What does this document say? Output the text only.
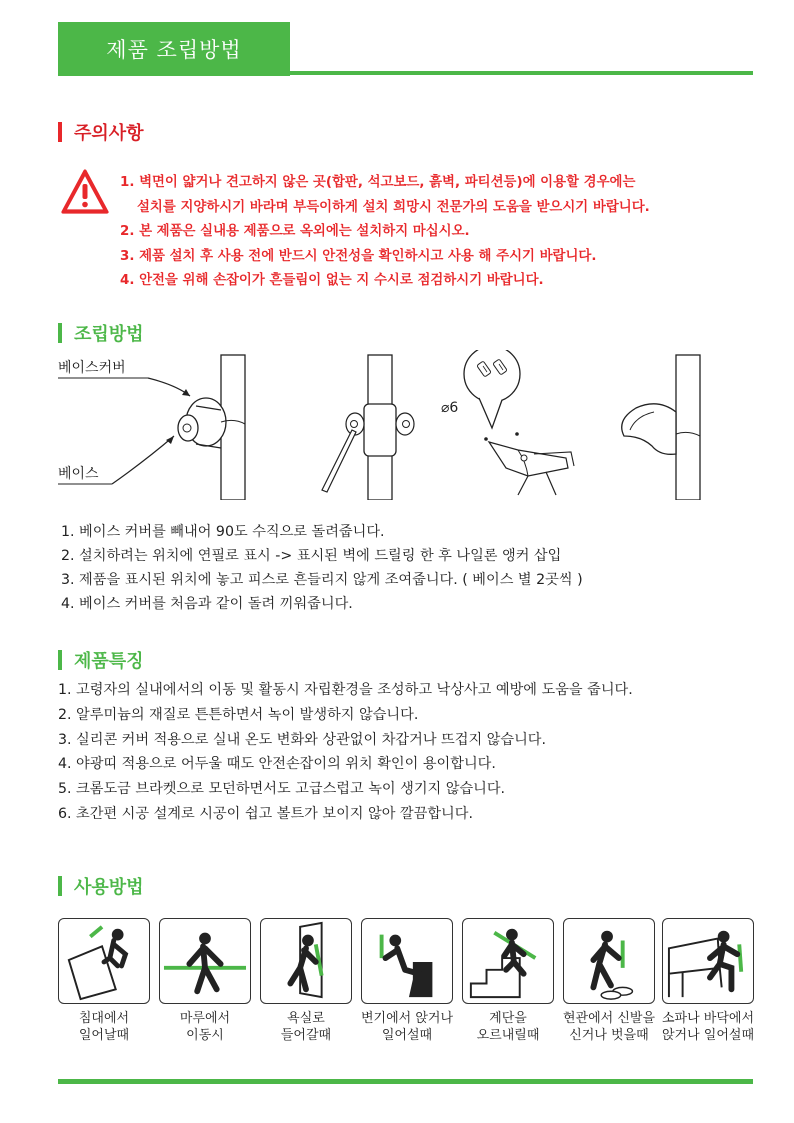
제품 조립방법
주의사항
1. 벽면이 얇거나 견고하지 않은 곳(합판, 석고보드, 흙벽, 파티션등)에 이용할 경우에는
설치를 지양하시기 바라며 부득이하게 설치 희망시 전문가의 도움을 받으시기 바랍니다.
2. 본 제품은 실내용 제품으로 옥외에는 설치하지 마십시오.
3. 제품 설치 후 사용 전에 반드시 안전성을 확인하시고 사용 해 주시기 바랍니다.
4. 안전을 위해 손잡이가 흔들림이 없는 지 수시로 점검하시기 바랍니다.
조립방법
베이스커버
베이스
⌀6
1. 베이스 커버를 빼내어 90도 수직으로 돌려줍니다.
2. 설치하려는 위치에 연필로 표시 -> 표시된 벽에 드릴링 한 후 나일론 앵커 삽입
3. 제품을 표시된 위치에 놓고 피스로 흔들리지 않게 조여줍니다. ( 베이스 별 2곳씩 )
4. 베이스 커버를 처음과 같이 돌려 끼워줍니다.
제품특징
1. 고령자의 실내에서의 이동 및 활동시 자립환경을 조성하고 낙상사고 예방에 도움을 줍니다.
2. 알루미늄의 재질로 튼튼하면서 녹이 발생하지 않습니다.
3. 실리콘 커버 적용으로 실내 온도 변화와 상관없이 차갑거나 뜨겁지 않습니다.
4. 야광띠 적용으로 어두울 때도 안전손잡이의 위치 확인이 용이합니다.
5. 크롬도금 브라켓으로 모던하면서도 고급스럽고 녹이 생기지 않습니다.
6. 초간편 시공 설계로 시공이 쉽고 볼트가 보이지 않아 깔끔합니다.
사용방법
침대에서
일어날때
마루에서
이동시
욕실로
들어갈때
변기에서 앉거나
일어설때
계단을
오르내릴때
현관에서 신발을
신거나 벗을때
소파나 바닥에서
앉거나 일어설때
